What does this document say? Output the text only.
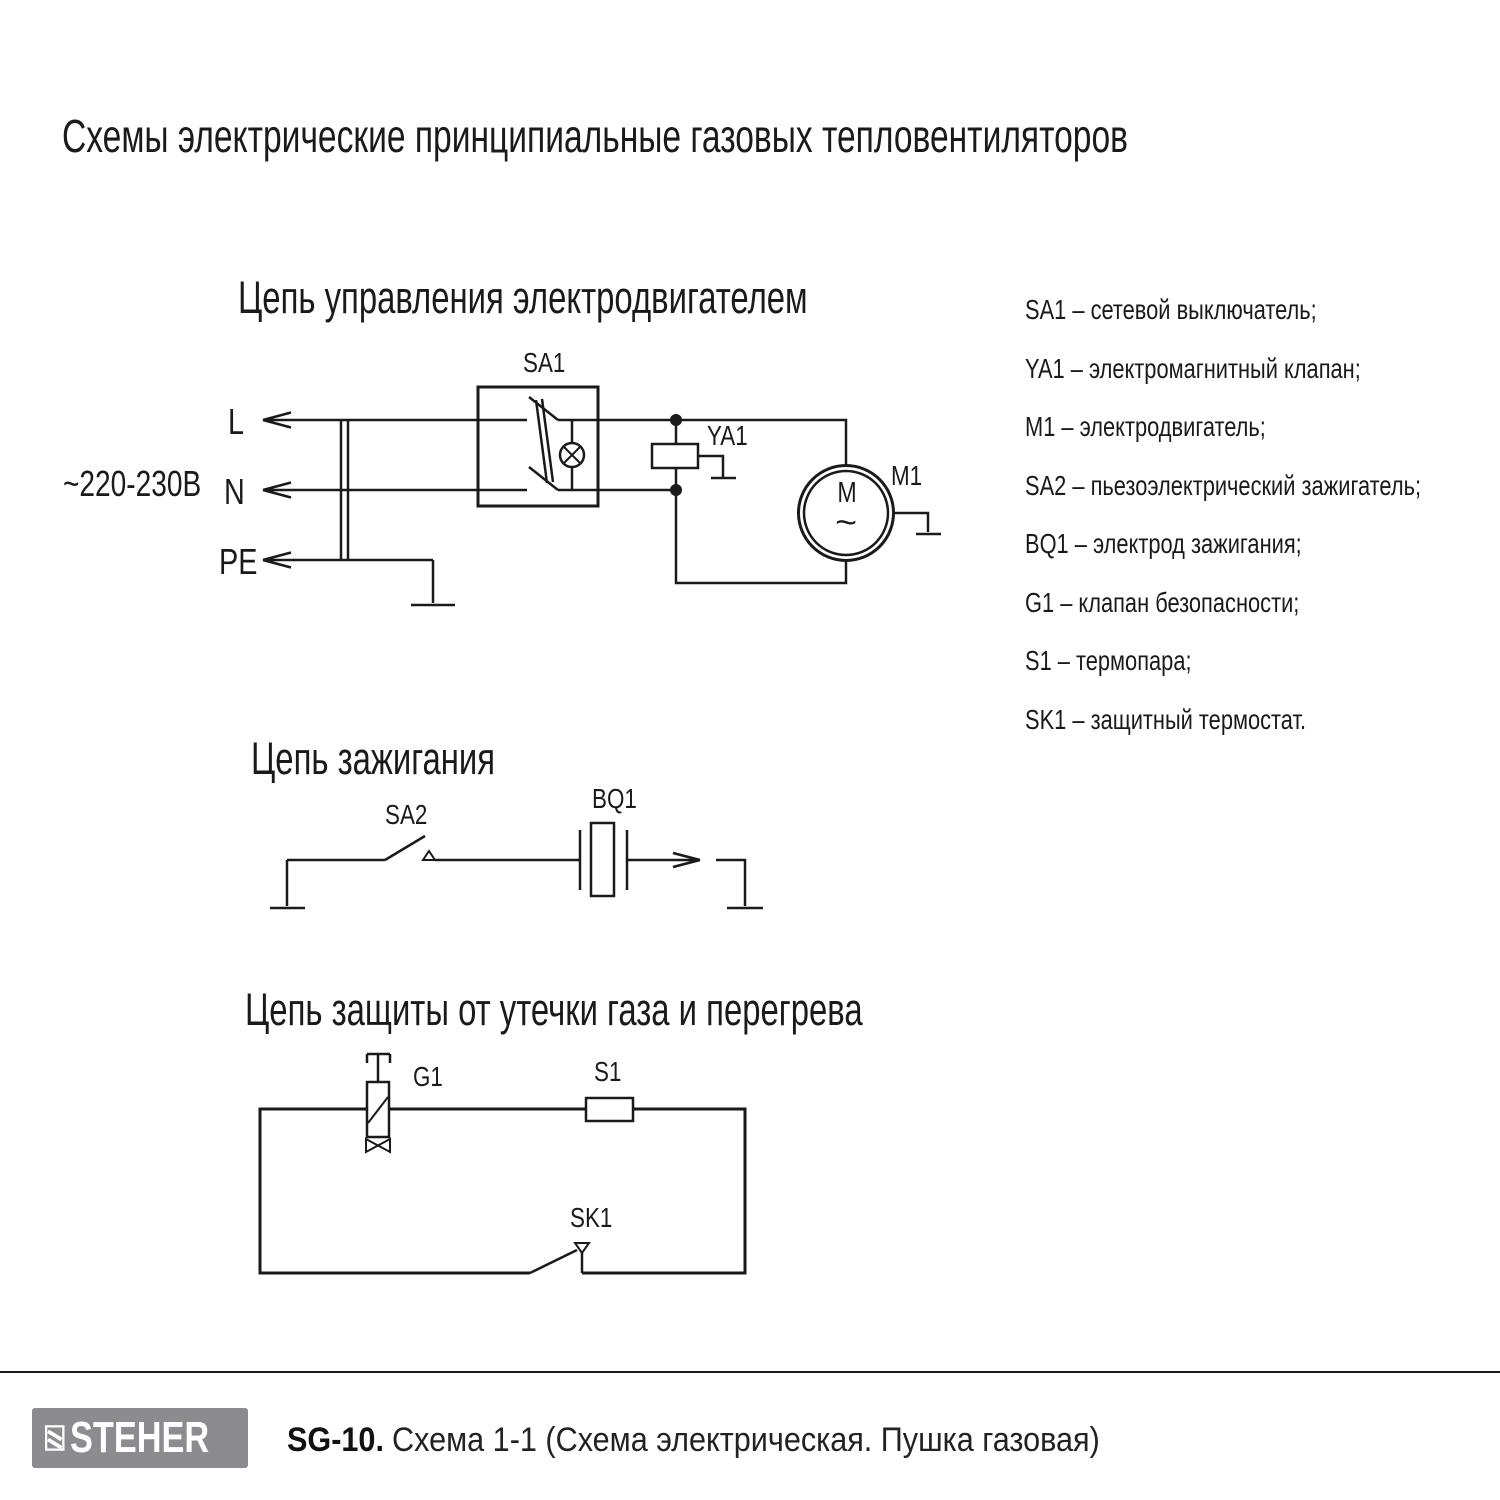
Схемы электрические принципиальные газовых тепловентиляторов
Цепь управления электродвигателем
~220-230В
L
N
PE
SA1
YA1
M1
M
~
Цепь зажигания
SA2
BQ1
Цепь защиты от утечки газа и перегрева
G1	S1
SK1
SA1 – сетевой выключатель;
YA1 – электромагнитный клапан;
M1 – электродвигатель;
SA2 – пьезоэлектрический зажигатель;
BQ1 – электрод зажигания;
G1 – клапан безопасности;
S1 – термопара;
SK1 – защитный термостат.
STEHER SG-10. Схема 1-1 (Схема электрическая. Пушка газовая)
